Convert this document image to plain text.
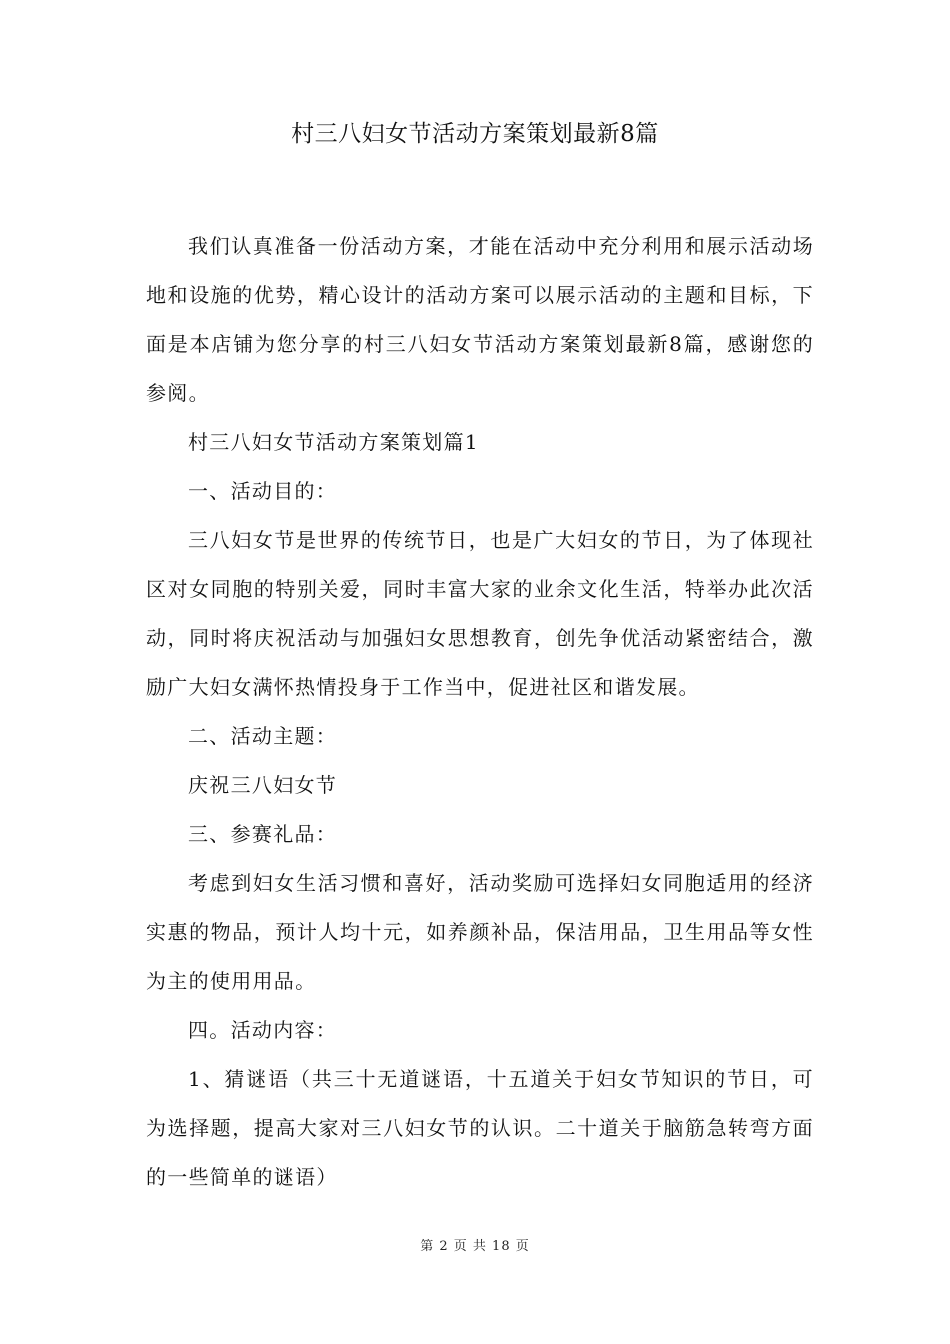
村三八妇女节活动方案策划最新8篇

我们认真准备一份活动方案，才能在活动中充分利用和展示活动场地和设施的优势，精心设计的活动方案可以展示活动的主题和目标，下面是本店铺为您分享的村三八妇女节活动方案策划最新8篇，感谢您的参阅。

村三八妇女节活动方案策划篇1

一、活动目的：

三八妇女节是世界的传统节日，也是广大妇女的节日，为了体现社区对女同胞的特别关爱，同时丰富大家的业余文化生活，特举办此次活动，同时将庆祝活动与加强妇女思想教育，创先争优活动紧密结合，激励广大妇女满怀热情投身于工作当中，促进社区和谐发展。

二、活动主题：

庆祝三八妇女节

三、参赛礼品：

考虑到妇女生活习惯和喜好，活动奖励可选择妇女同胞适用的经济实惠的物品，预计人均十元，如养颜补品，保洁用品，卫生用品等女性为主的使用用品。

四。活动内容：

1、猜谜语（共三十无道谜语，十五道关于妇女节知识的节日，可为选择题，提高大家对三八妇女节的认识。二十道关于脑筋急转弯方面的一些简单的谜语）

第 2 页 共 18 页
